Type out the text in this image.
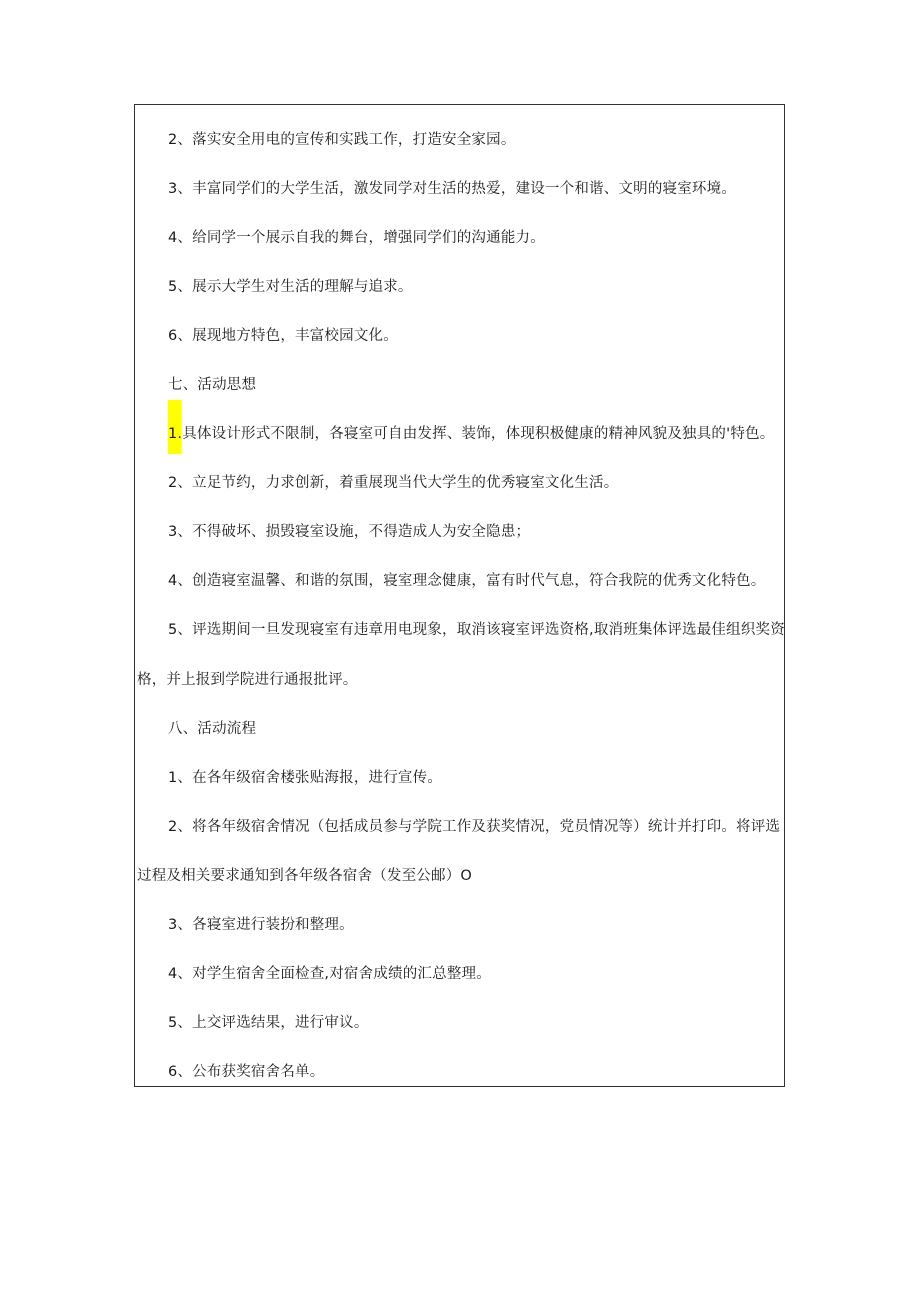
2、落实安全用电的宣传和实践工作，打造安全家园。
3、丰富同学们的大学生活，激发同学对生活的热爱，建设一个和谐、文明的寝室环境。
4、给同学一个展示自我的舞台，增强同学们的沟通能力。
5、展示大学生对生活的理解与追求。
6、展现地方特色，丰富校园文化。
七、活动思想
1.具体设计形式不限制，各寝室可自由发挥、装饰，体现积极健康的精神风貌及独具的'特色。
2、立足节约，力求创新，着重展现当代大学生的优秀寝室文化生活。
3、不得破坏、损毁寝室设施，不得造成人为安全隐患；
4、创造寝室温馨、和谐的氛围，寝室理念健康，富有时代气息，符合我院的优秀文化特色。
5、评选期间一旦发现寝室有违章用电现象，取消该寝室评选资格,取消班集体评选最佳组织奖资
格，并上报到学院进行通报批评。
八、活动流程
1、在各年级宿舍楼张贴海报，进行宣传。
2、将各年级宿舍情况（包括成员参与学院工作及获奖情况，党员情况等）统计并打印。将评选
过程及相关要求通知到各年级各宿舍（发至公邮）O
3、各寝室进行装扮和整理。
4、对学生宿舍全面检查,对宿舍成绩的汇总整理。
5、上交评选结果，进行审议。
6、公布获奖宿舍名单。
